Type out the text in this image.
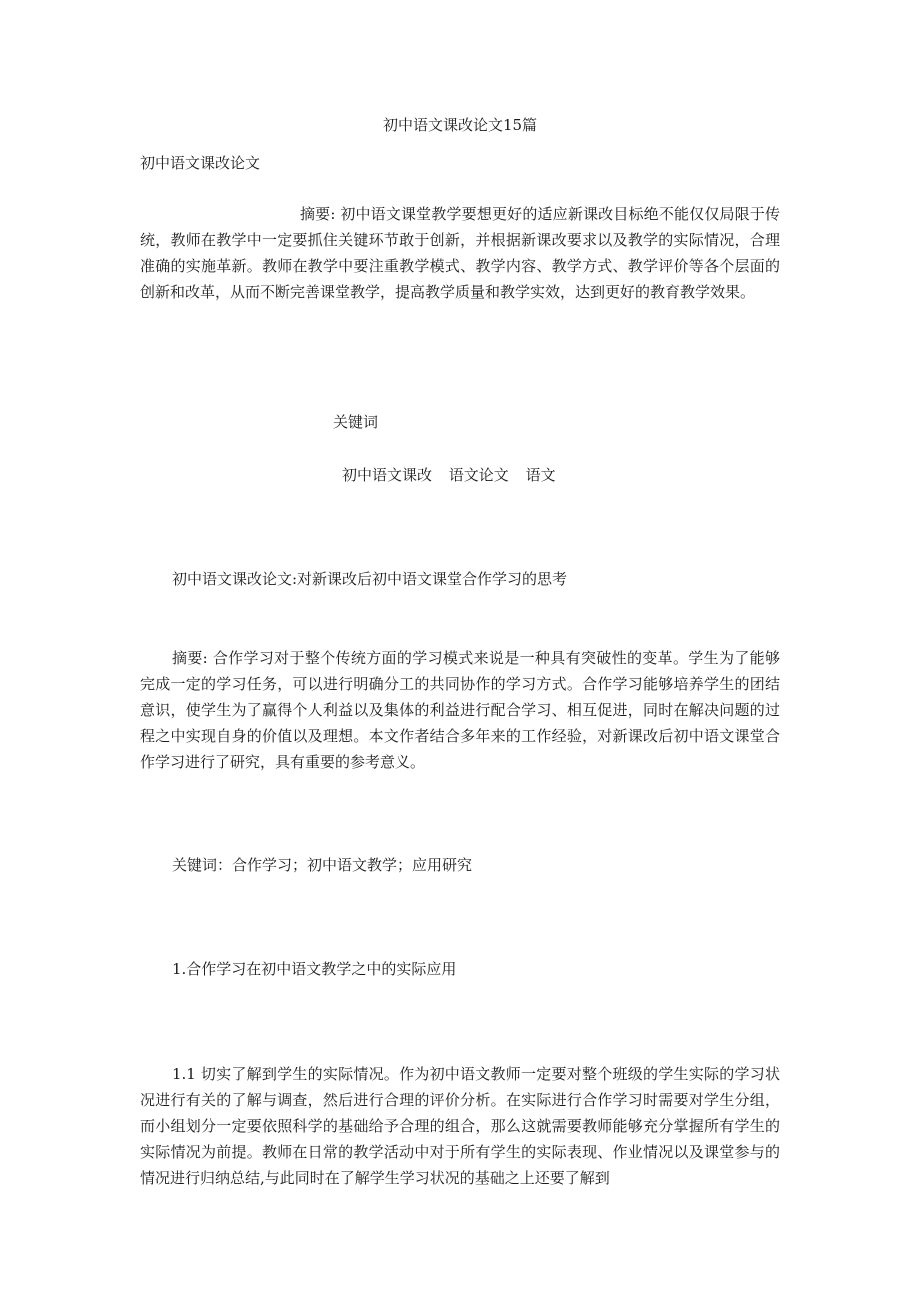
初中语文课改论文15篇

初中语文课改论文

摘要: 初中语文课堂教学要想更好的适应新课改目标绝不能仅仅局限于传统，教师在教学中一定要抓住关键环节敢于创新，并根据新课改要求以及教学的实际情况，合理准确的实施革新。教师在教学中要注重教学模式、教学内容、教学方式、教学评价等各个层面的创新和改革，从而不断完善课堂教学，提高教学质量和教学实效，达到更好的教育教学效果。

关键词

初中语文课改 语文论文 语文

初中语文课改论文:对新课改后初中语文课堂合作学习的思考

摘要: 合作学习对于整个传统方面的学习模式来说是一种具有突破性的变革。学生为了能够完成一定的学习任务，可以进行明确分工的共同协作的学习方式。合作学习能够培养学生的团结意识，使学生为了赢得个人利益以及集体的利益进行配合学习、相互促进，同时在解决问题的过程之中实现自身的价值以及理想。本文作者结合多年来的工作经验，对新课改后初中语文课堂合作学习进行了研究，具有重要的参考意义。

关键词：合作学习；初中语文教学；应用研究

1.合作学习在初中语文教学之中的实际应用

1.1 切实了解到学生的实际情况。作为初中语文教师一定要对整个班级的学生实际的学习状况进行有关的了解与调查，然后进行合理的评价分析。在实际进行合作学习时需要对学生分组，而小组划分一定要依照科学的基础给予合理的组合，那么这就需要教师能够充分掌握所有学生的实际情况为前提。教师在日常的教学活动中对于所有学生的实际表现、作业情况以及课堂参与的情况进行归纳总结,与此同时在了解学生学习状况的基础之上还要了解到
